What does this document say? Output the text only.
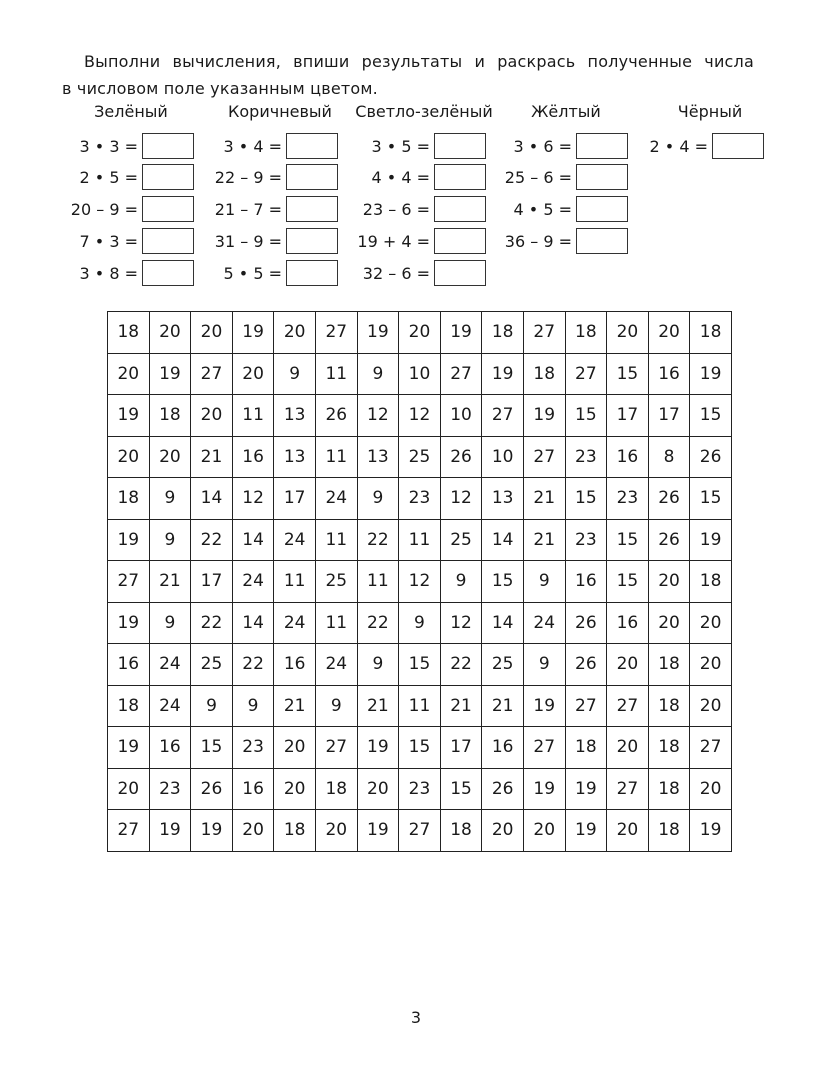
Выполни вычисления, впиши результаты и раскрась полученные числа
в числовом поле указанным цветом.
Зелёный
3 • 3 =
2 • 5 =
20 – 9 =
7 • 3 =
3 • 8 =
Коричневый
3 • 4 =
22 – 9 =
21 – 7 =
31 – 9 =
5 • 5 =
Светло-зелёный
3 • 5 =
4 • 4 =
23 – 6 =
19 + 4 =
32 – 6 =
Жёлтый
3 • 6 =
25 – 6 =
4 • 5 =
36 – 9 =
Чёрный
2 • 4 =
18	20	20	19	20	27	19	20	19	18	27	18	20	20	18
20	19	27	20	9	11	9	10	27	19	18	27	15	16	19
19	18	20	11	13	26	12	12	10	27	19	15	17	17	15
20	20	21	16	13	11	13	25	26	10	27	23	16	8	26
18	9	14	12	17	24	9	23	12	13	21	15	23	26	15
19	9	22	14	24	11	22	11	25	14	21	23	15	26	19
27	21	17	24	11	25	11	12	9	15	9	16	15	20	18
19	9	22	14	24	11	22	9	12	14	24	26	16	20	20
16	24	25	22	16	24	9	15	22	25	9	26	20	18	20
18	24	9	9	21	9	21	11	21	21	19	27	27	18	20
19	16	15	23	20	27	19	15	17	16	27	18	20	18	27
20	23	26	16	20	18	20	23	15	26	19	19	27	18	20
27	19	19	20	18	20	19	27	18	20	20	19	20	18	19
3
